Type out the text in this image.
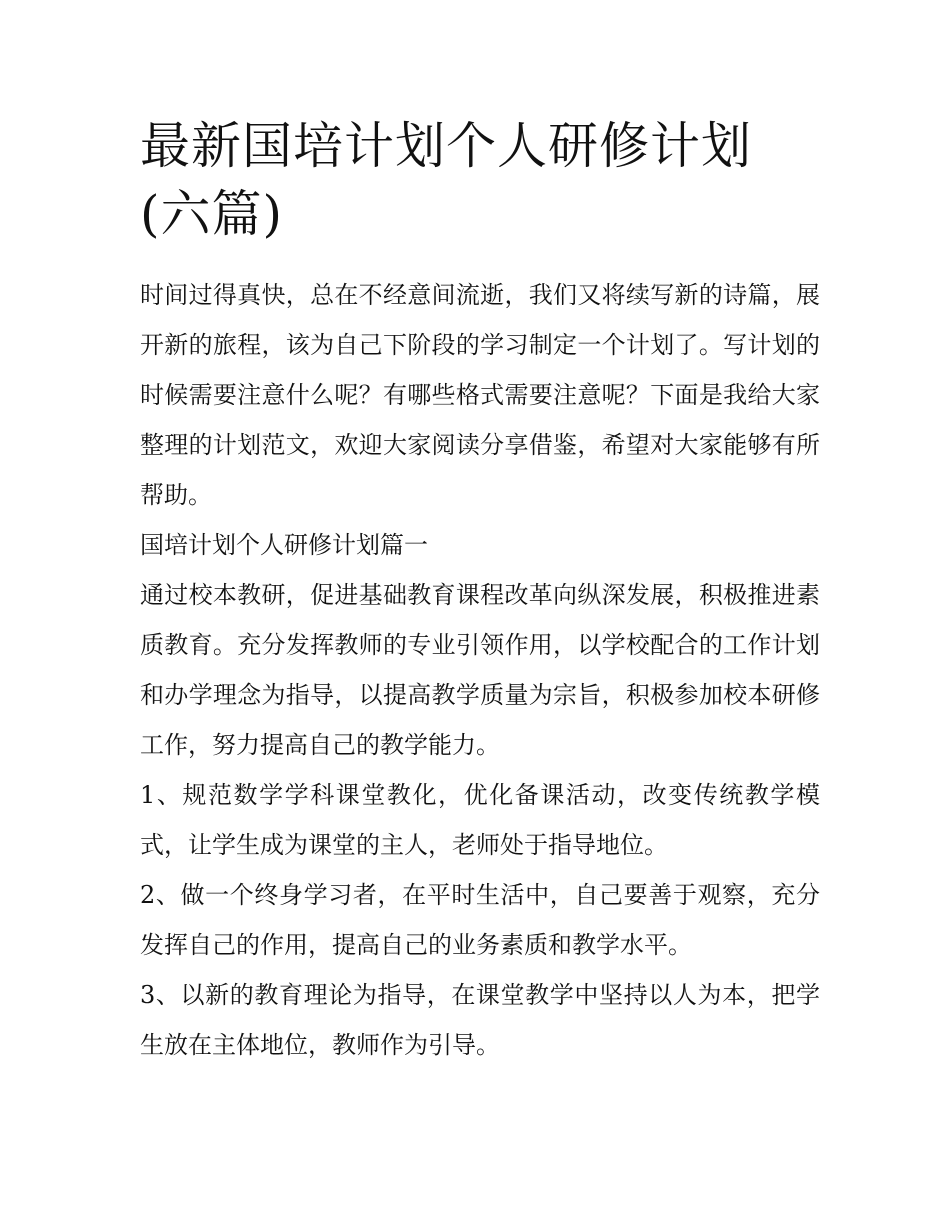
最新国培计划个人研修计划(六篇)

时间过得真快，总在不经意间流逝，我们又将续写新的诗篇，展开新的旅程，该为自己下阶段的学习制定一个计划了。写计划的时候需要注意什么呢？有哪些格式需要注意呢？下面是我给大家整理的计划范文，欢迎大家阅读分享借鉴，希望对大家能够有所帮助。

国培计划个人研修计划篇一

通过校本教研，促进基础教育课程改革向纵深发展，积极推进素质教育。充分发挥教师的专业引领作用，以学校配合的工作计划和办学理念为指导，以提高教学质量为宗旨，积极参加校本研修工作，努力提高自己的教学能力。

1、规范数学学科课堂教化，优化备课活动，改变传统教学模式，让学生成为课堂的主人，老师处于指导地位。

2、做一个终身学习者，在平时生活中，自己要善于观察，充分发挥自己的作用，提高自己的业务素质和教学水平。

3、以新的教育理论为指导，在课堂教学中坚持以人为本，把学生放在主体地位，教师作为引导。
